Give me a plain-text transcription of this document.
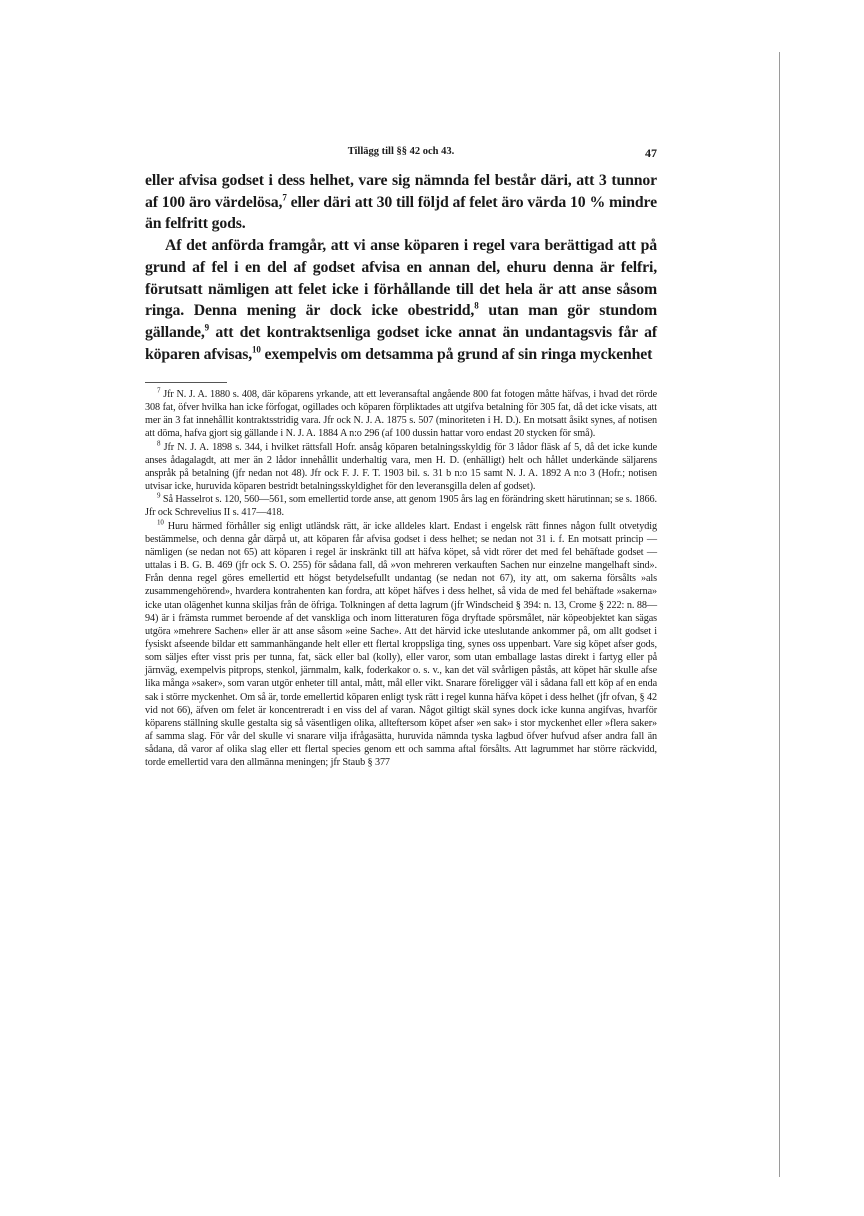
Tillägg till §§ 42 och 43.	47

eller afvisa godset i dess helhet, vare sig nämnda fel består däri, att 3 tunnor af 100 äro värdelösa,$^7$ eller däri att 30 till följd af felet äro värda 10 % mindre än felfritt gods.

Af det anförda framgår, att vi anse köparen i regel vara berättigad att på grund af fel i en del af godset afvisa en annan del, ehuru denna är felfri, förutsatt nämligen att felet icke i förhållande till det hela är att anse såsom ringa. Denna mening är dock icke obestridd,$^8$ utan man gör stundom gällande,$^9$ att det kontraktsenliga godset icke annat än undantagsvis får af köparen afvisas,$^{10}$ exempelvis om detsamma på grund af sin ringa myckenhet

$^7$ Jfr N. J. A. 1880 s. 408, där köparens yrkande, att ett leveransaftal angående 800 fat fotogen måtte häfvas, i hvad det rörde 308 fat, öfver hvilka han icke förfogat, ogillades och köparen förpliktades att utgifva betalning för 305 fat, då det icke visats, att mer än 3 fat innehållit kontraktsstridig vara. Jfr ock N. J. A. 1875 s. 507 (minoriteten i H. D.). En motsatt åsikt synes, af notisen att döma, hafva gjort sig gällande i N. J. A. 1884 A n:o 296 (af 100 dussin hattar voro endast 20 stycken för små).

$^8$ Jfr N. J. A. 1898 s. 344, i hvilket rättsfall Hofr. ansåg köparen betalningsskyldig för 3 lådor fläsk af 5, då det icke kunde anses ådagalagdt, att mer än 2 lådor innehållit underhaltig vara, men H. D. (enhälligt) helt och hållet underkände säljarens anspråk på betalning (jfr nedan not 48). Jfr ock F. J. F. T. 1903 bil. s. 31 b n:o 15 samt N. J. A. 1892 A n:o 3 (Hofr.; notisen utvisar icke, huruvida köparen bestridt betalningsskyldighet för den leveransgilla delen af godset).

$^9$ Så Hasselrot s. 120, 560—561, som emellertid torde anse, att genom 1905 års lag en förändring skett härutinnan; se s. 1866. Jfr ock Schrevelius II s. 417—418.

$^{10}$ Huru härmed förhåller sig enligt utländsk rätt, är icke alldeles klart. Endast i engelsk rätt finnes någon fullt otvetydig bestämmelse, och denna går därpå ut, att köparen får afvisa godset i dess helhet; se nedan not 31 i. f. En motsatt princip — nämligen (se nedan not 65) att köparen i regel är inskränkt till att häfva köpet, så vidt rörer det med fel behäftade godset — uttalas i B. G. B. 469 (jfr ock S. O. 255) för sådana fall, då »von mehreren verkauften Sachen nur einzelne mangelhaft sind». Från denna regel göres emellertid ett högst betydelsefullt undantag (se nedan not 67), ity att, om sakerna försålts »als zusammengehörend», hvardera kontrahenten kan fordra, att köpet häfves i dess helhet, så vida de med fel behäftade »sakerna» icke utan olägenhet kunna skiljas från de öfriga. Tolkningen af detta lagrum (jfr Windscheid § 394: n. 13, Crome § 222: n. 88—94) är i främsta rummet beroende af det vanskliga och inom litteraturen föga dryftade spörsmålet, när köpeobjektet kan sägas utgöra »mehrere Sachen» eller är att anse såsom »eine Sache». Att det härvid icke uteslutande ankommer på, om allt godset i fysiskt afseende bildar ett sammanhängande helt eller ett flertal kroppsliga ting, synes oss uppenbart. Vare sig köpet afser gods, som säljes efter visst pris per tunna, fat, säck eller bal (kolly), eller varor, som utan emballage lastas direkt i fartyg eller på järnväg, exempelvis pitprops, stenkol, järnmalm, kalk, foderkakor o. s. v., kan det väl svårligen påstås, att köpet här skulle afse lika många »saker», som varan utgör enheter till antal, mått, mål eller vikt. Snarare föreligger väl i sådana fall ett köp af en enda sak i större myckenhet. Om så är, torde emellertid köparen enligt tysk rätt i regel kunna häfva köpet i dess helhet (jfr ofvan, § 42 vid not 66), äfven om felet är koncentreradt i en viss del af varan. Något giltigt skäl synes dock icke kunna angifvas, hvarför köparens ställning skulle gestalta sig så väsentligen olika, allteftersom köpet afser »en sak» i stor myckenhet eller »flera saker» af samma slag. För vår del skulle vi snarare vilja ifrågasätta, huruvida nämnda tyska lagbud öfver hufvud afser andra fall än sådana, då varor af olika slag eller ett flertal species genom ett och samma aftal försålts. Att lagrummet har större räckvidd, torde emellertid vara den allmänna meningen; jfr Staub § 377
